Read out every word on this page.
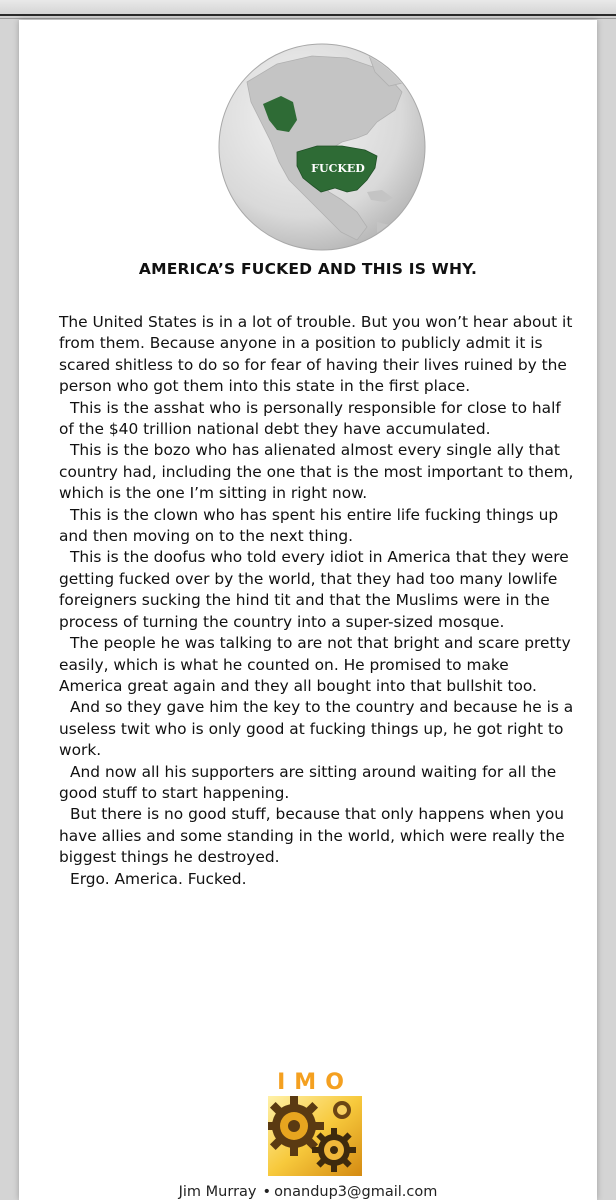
FUCKED
AMERICA’S FUCKED AND THIS IS WHY.

The United States is in a lot of trouble. But you won’t hear about it from them. Because anyone in a position to publicly admit it is scared shitless to do so for fear of having their lives ruined by the person who got them into this state in the first place.

This is the asshat who is personally responsible for close to half of the $40 trillion national debt they have accumulated.

This is the bozo who has alienated almost every single ally that country had, including the one that is the most important to them, which is the one I’m sitting in right now.

This is the clown who has spent his entire life fucking things up and then moving on to the next thing.

This is the doofus who told every idiot in America that they were getting fucked over by the world, that they had too many lowlife foreigners sucking the hind tit and that the Muslims were in the process of turning the country into a super-sized mosque.

The people he was talking to are not that bright and scare pretty easily, which is what he counted on. He promised to make America great again and they all bought into that bullshit too.

And so they gave him the key to the country and because he is a useless twit who is only good at fucking things up, he got right to work.

And now all his supporters are sitting around waiting for all the good stuff to start happening.

But there is no good stuff, because that only happens when you have allies and some standing in the world, which were really the biggest things he destroyed.

Ergo. America. Fucked.

IMO
Jim Murray • onandup3@gmail.com
